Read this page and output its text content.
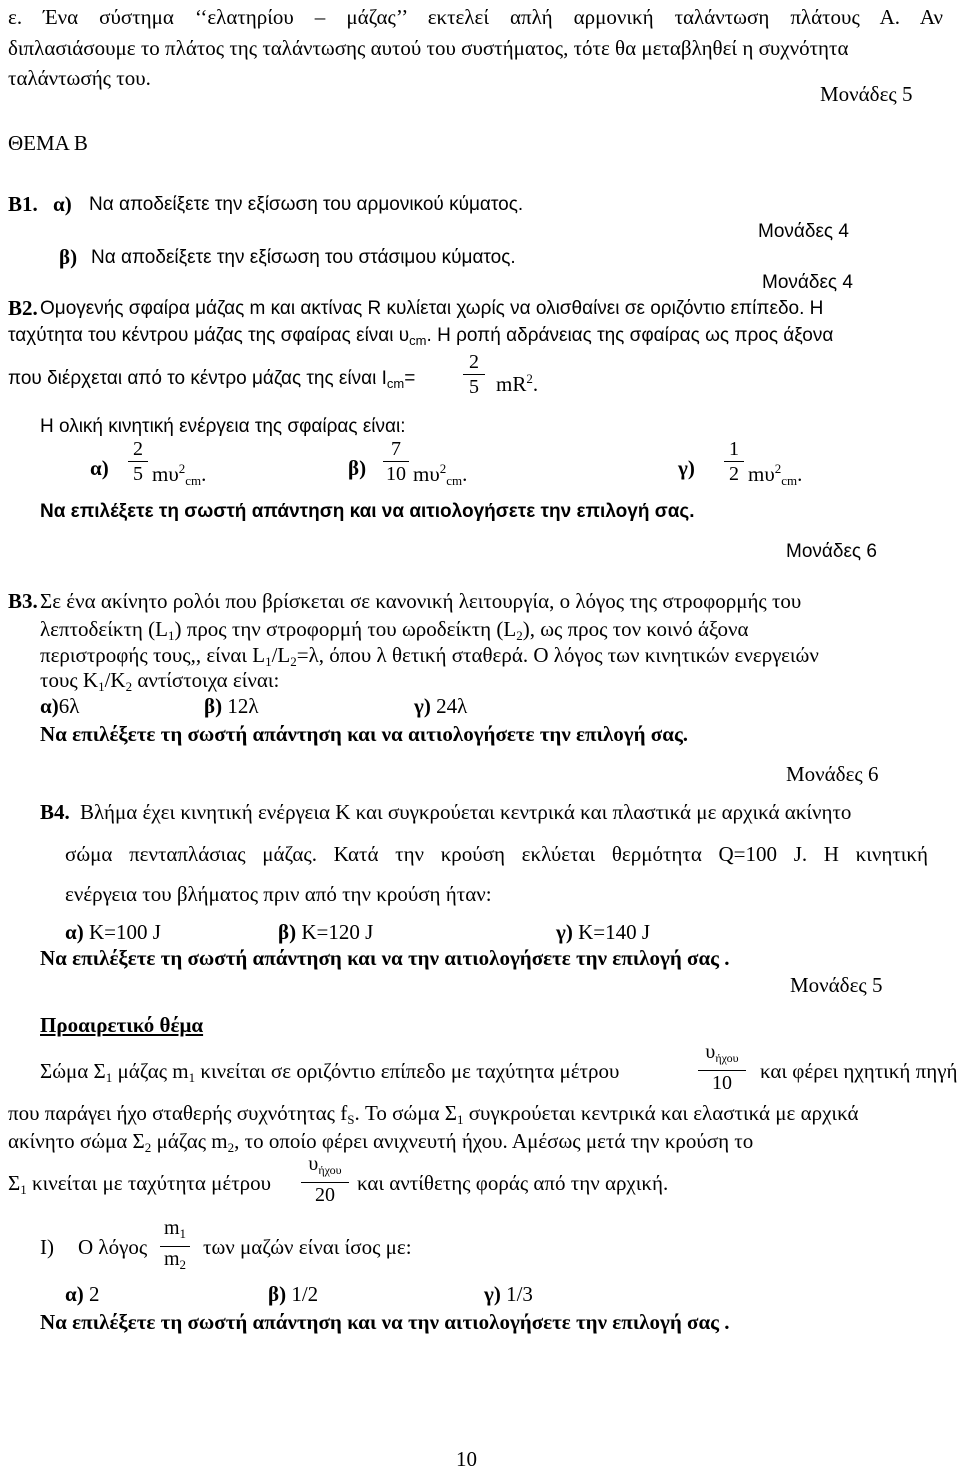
ε. Ένα σύστημα ‘‘ελατηρίου – μάζας’’ εκτελεί απλή αρμονική ταλάντωση πλάτους Α. Αν
διπλασιάσουμε το πλάτος της ταλάντωσης αυτού του συστήματος, τότε θα μεταβληθεί η συχνότητα
ταλάντωσής του.
Μονάδες 5
ΘΕΜΑ Β
Β1. α) Να αποδείξετε την εξίσωση του αρμονικού κύματος.
Μονάδες 4
β) Να αποδείξετε την εξίσωση του στάσιμου κύματος.
Μονάδες 4
Β2. Ομογενής σφαίρα μάζας m και ακτίνας R κυλίεται χωρίς να ολισθαίνει σε οριζόντιο επίπεδο. Η
ταχύτητα του κέντρου μάζας της σφαίρας είναι $\upsilon_{cm}$. Η ροπή αδράνειας της σφαίρας ως προς άξονα
που διέρχεται από το κέντρο μάζας της είναι $I_{cm}=$
2
5 $mR^2$.
Η ολική κινητική ενέργεια της σφαίρας είναι:
α)
2
5 $m\upsilon^2_{cm}$.	β)
7
10 $m\upsilon^2_{cm}$.	γ)
1
2 $m\upsilon^2_{cm}$.
Να επιλέξετε τη σωστή απάντηση και να αιτιολογήσετε την επιλογή σας.
Μονάδες 6
Β3. Σε ένα ακίνητο ρολόι που βρίσκεται σε κανονική λειτουργία, ο λόγος της στροφορμής του
λεπτοδείκτη $(L_1)$ προς την στροφορμή του ωροδείκτη $(L_2)$, ως προς τον κοινό άξονα
περιστροφής τους,, είναι $L_1/L_2=\lambda$, όπου λ θετική σταθερά. Ο λόγος των κινητικών ενεργειών
τους $K_1/K_2$ αντίστοιχα είναι:
α)6λ	β) 12λ	γ) 24λ
Να επιλέξετε τη σωστή απάντηση και να αιτιολογήσετε την επιλογή σας.
Μονάδες 6
Β4. Βλήμα έχει κινητική ενέργεια Κ και συγκρούεται κεντρικά και πλαστικά με αρχικά ακίνητο
σώμα πενταπλάσιας μάζας. Κατά την κρούση εκλύεται θερμότητα Q=100 J. Η κινητική
ενέργεια του βλήματος πριν από την κρούση ήταν:
α) Κ=100 J	β) Κ=120 J	γ) Κ=140 J
Να επιλέξετε τη σωστή απάντηση και να την αιτιολογήσετε την επιλογή σας .
Μονάδες 5
Προαιρετικό θέμα
Σώμα $\Sigma_1$ μάζας $m_1$ κινείται σε οριζόντιο επίπεδο με ταχύτητα μέτρου
$\upsilon_{ή\chi o\upsilon}$
10	και φέρει ηχητική πηγή
που παράγει ήχο σταθερής συχνότητας $f_S$. Το σώμα $\Sigma_1$ συγκρούεται κεντρικά και ελαστικά με αρχικά
ακίνητο σώμα $\Sigma_2$ μάζας $m_2$, το οποίο φέρει ανιχνευτή ήχου. Αμέσως μετά την κρούση το
$\Sigma_1$ κινείται με ταχύτητα μέτρου
$\upsilon_{ή\chi o\upsilon}$
20	και αντίθετης φοράς από την αρχική.
Ι) Ο λόγος
$m_1$
$m_2$
των μαζών είναι ίσος με:
α) 2	β) 1/2	γ) 1/3
Να επιλέξετε τη σωστή απάντηση και να την αιτιολογήσετε την επιλογή σας .
10
